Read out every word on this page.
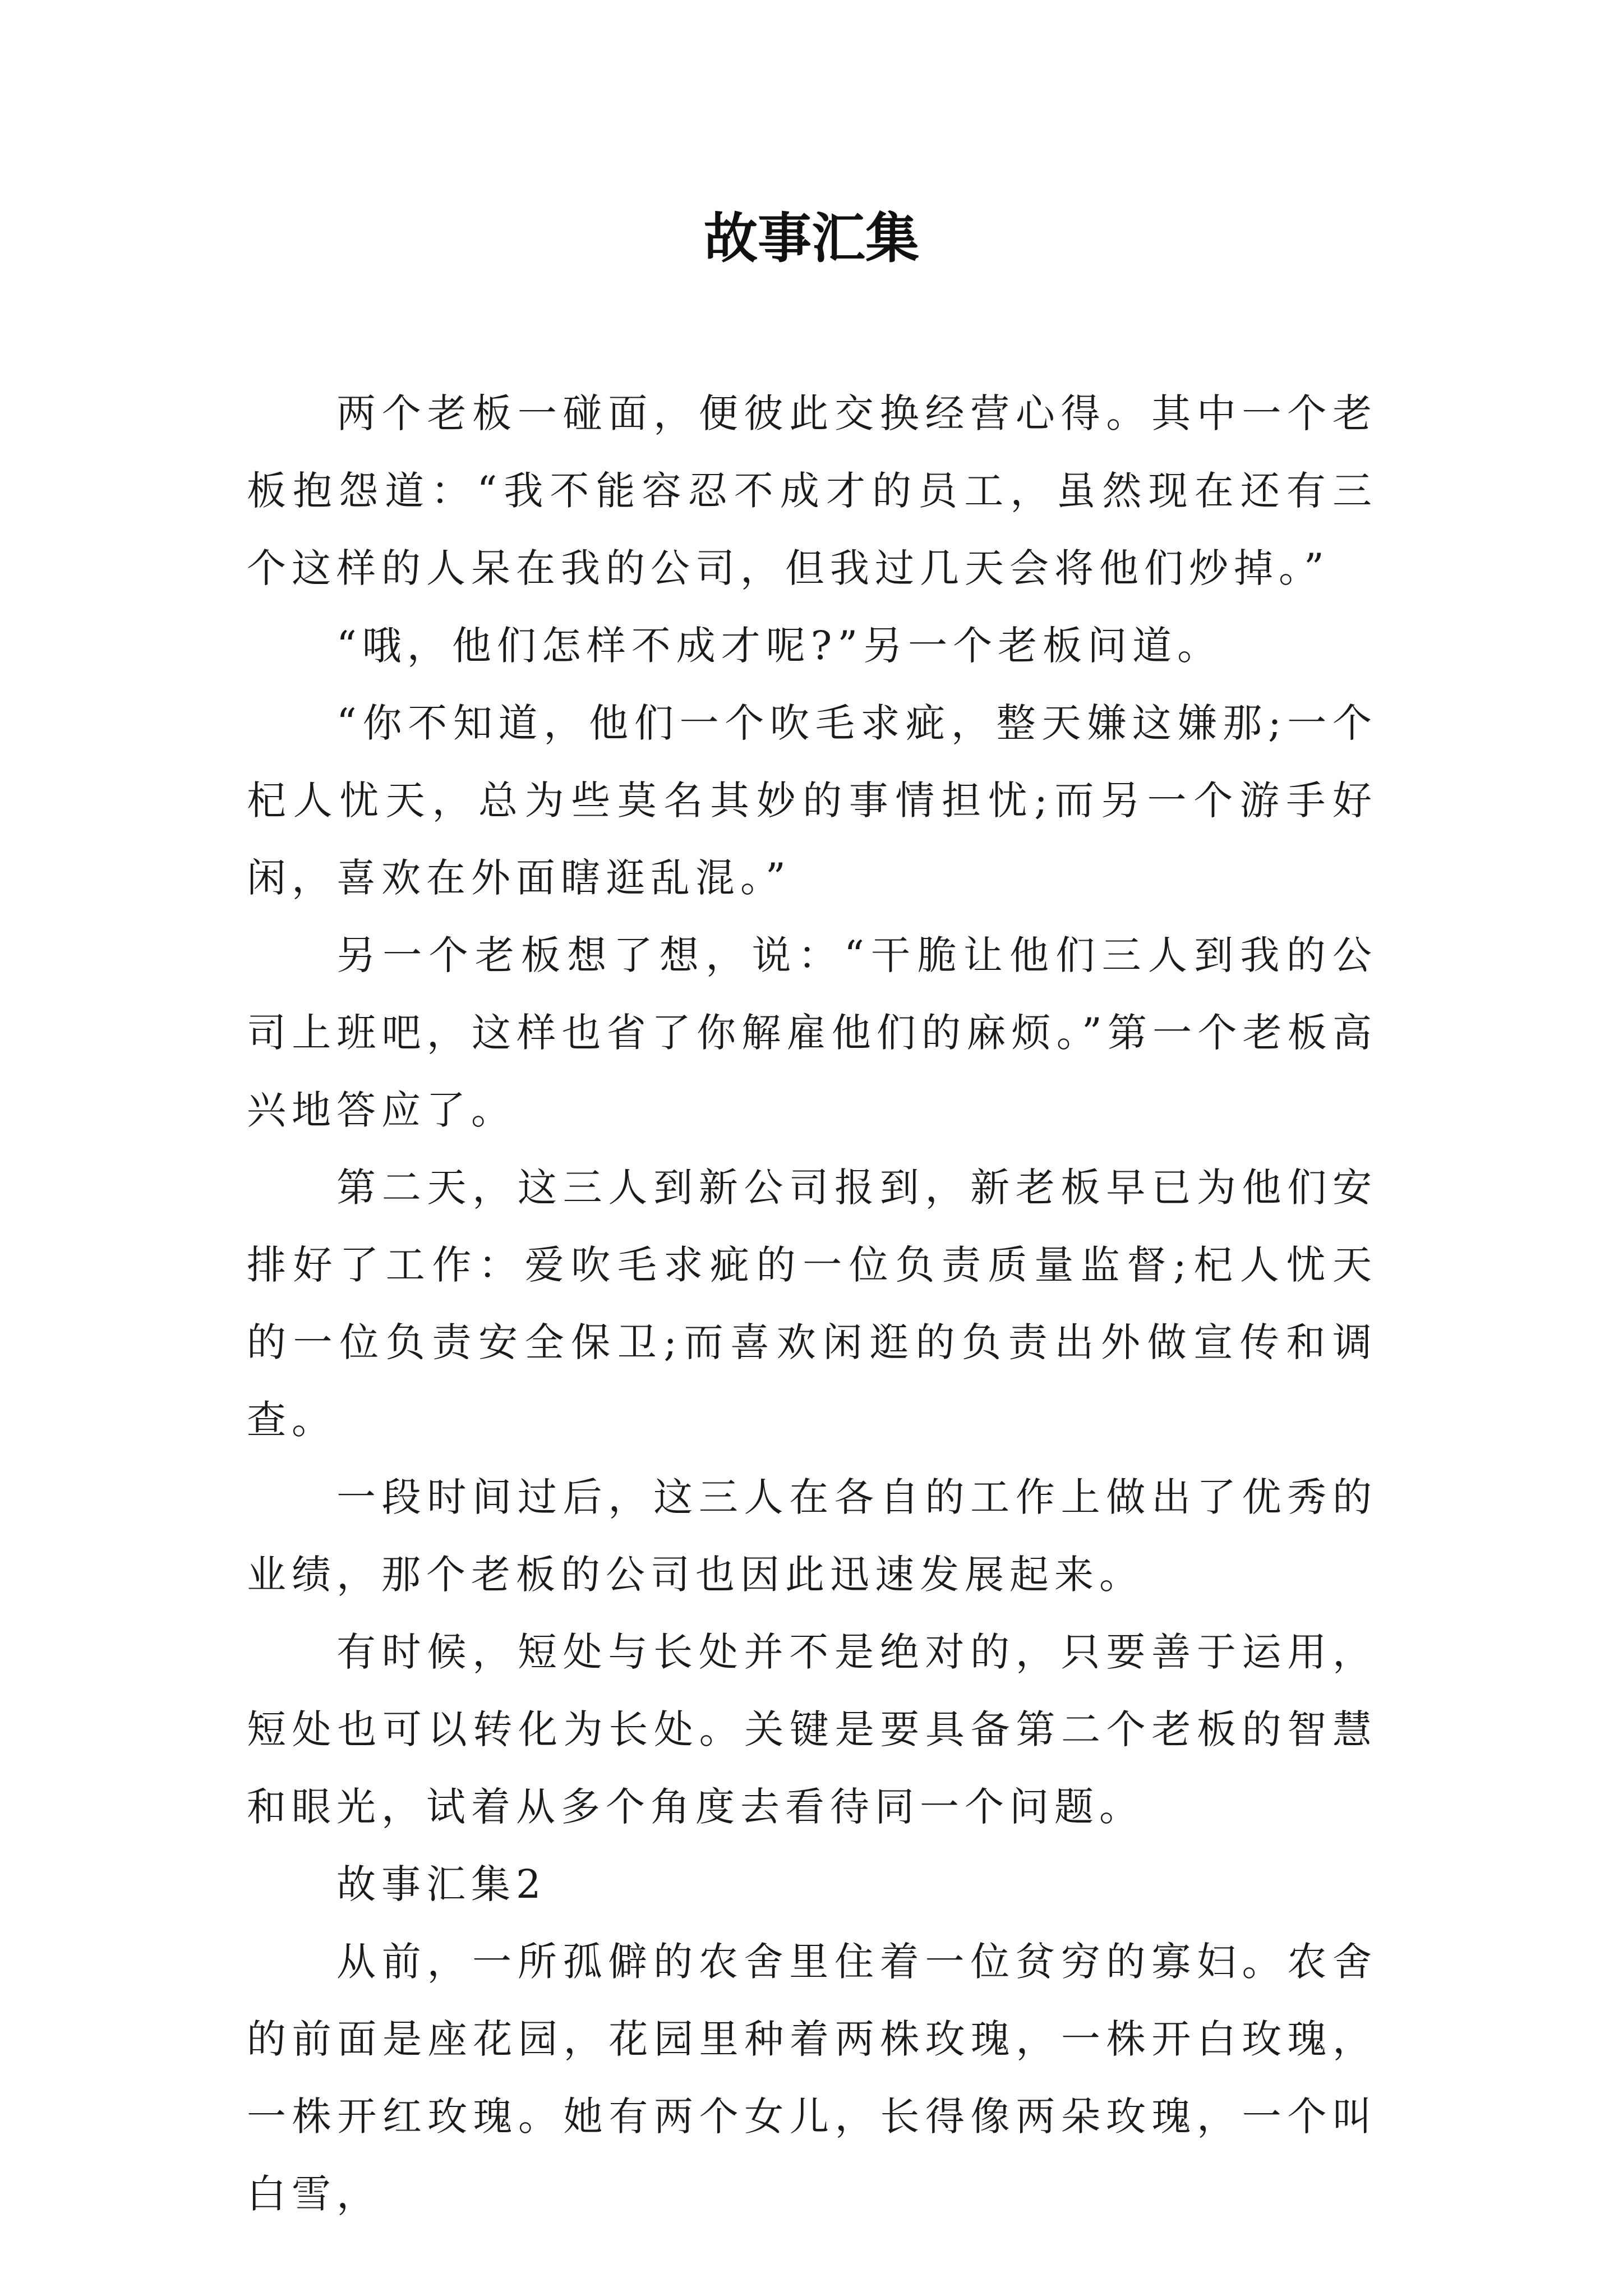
故事汇集

两个老板一碰面，便彼此交换经营心得。其中一个老板抱怨道：“我不能容忍不成才的员工，虽然现在还有三个这样的人呆在我的公司，但我过几天会将他们炒掉。”

“哦，他们怎样不成才呢?”另一个老板问道。

“你不知道，他们一个吹毛求疵，整天嫌这嫌那;一个杞人忧天，总为些莫名其妙的事情担忧;而另一个游手好闲，喜欢在外面瞎逛乱混。”

另一个老板想了想，说：“干脆让他们三人到我的公司上班吧，这样也省了你解雇他们的麻烦。”第一个老板高兴地答应了。

第二天，这三人到新公司报到，新老板早已为他们安排好了工作：爱吹毛求疵的一位负责质量监督;杞人忧天的一位负责安全保卫;而喜欢闲逛的负责出外做宣传和调查。

一段时间过后，这三人在各自的工作上做出了优秀的业绩，那个老板的公司也因此迅速发展起来。

有时候，短处与长处并不是绝对的，只要善于运用，短处也可以转化为长处。关键是要具备第二个老板的智慧和眼光，试着从多个角度去看待同一个问题。

故事汇集2

从前，一所孤僻的农舍里住着一位贫穷的寡妇。农舍的前面是座花园，花园里种着两株玫瑰，一株开白玫瑰，一株开红玫瑰。她有两个女儿，长得像两朵玫瑰，一个叫白雪，
